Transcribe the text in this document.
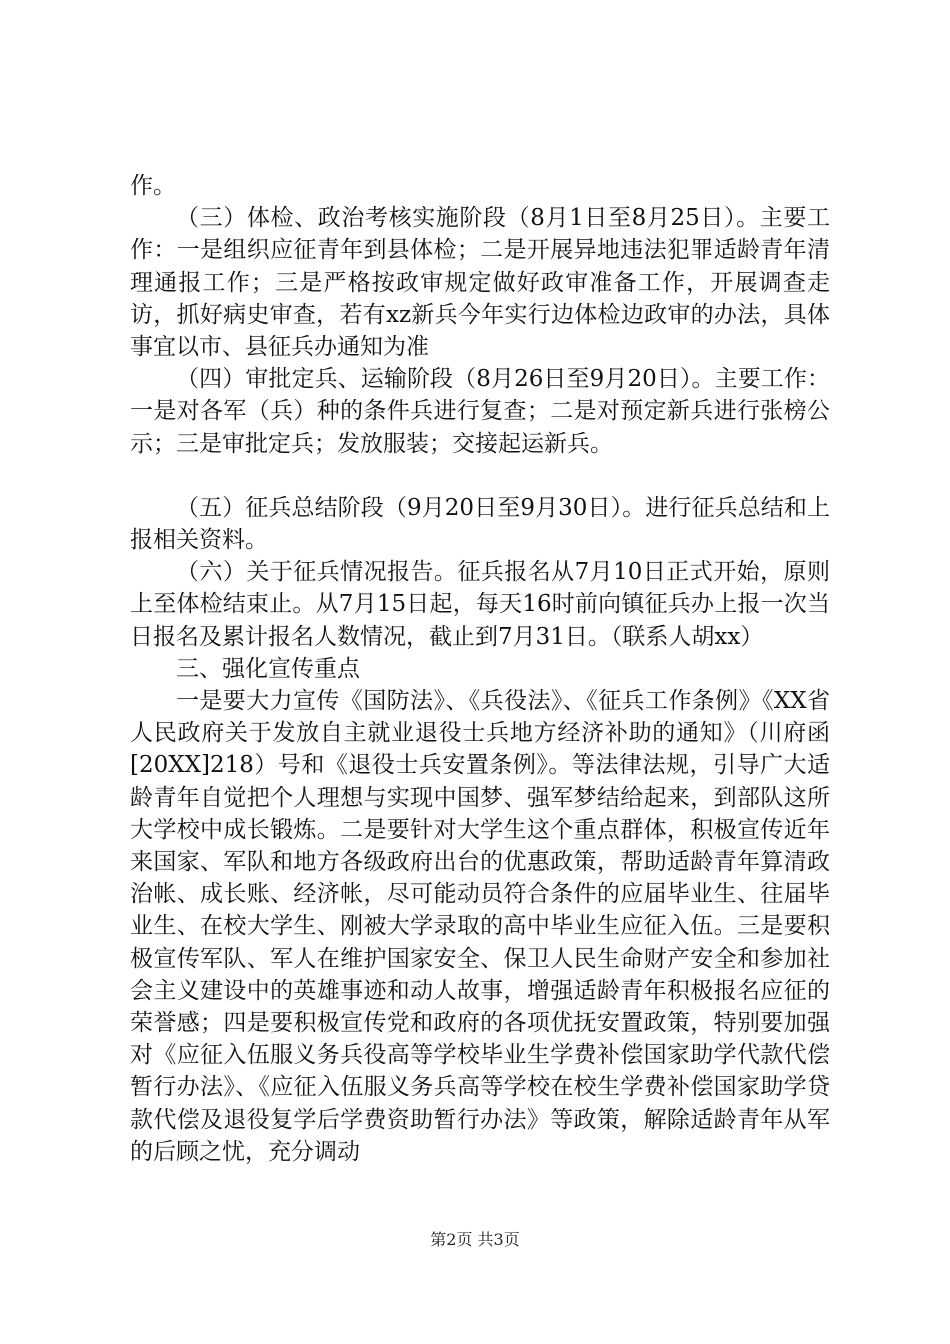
作。

（三）体检、政治考核实施阶段（8月1日至8月25日）。主要工作：一是组织应征青年到县体检；二是开展异地违法犯罪适龄青年清理通报工作；三是严格按政审规定做好政审准备工作，开展调查走访，抓好病史审查，若有xz新兵今年实行边体检边政审的办法，具体事宜以市、县征兵办通知为准

（四）审批定兵、运输阶段（8月26日至9月20日）。主要工作：一是对各军（兵）种的条件兵进行复查；二是对预定新兵进行张榜公示；三是审批定兵；发放服装；交接起运新兵。

（五）征兵总结阶段（9月20日至9月30日）。进行征兵总结和上报相关资料。

（六）关于征兵情况报告。征兵报名从7月10日正式开始，原则上至体检结束止。从7月15日起，每天16时前向镇征兵办上报一次当日报名及累计报名人数情况，截止到7月31日。（联系人胡xx）

三、强化宣传重点

一是要大力宣传《国防法》、《兵役法》、《征兵工作条例》《XX省人民政府关于发放自主就业退役士兵地方经济补助的通知》（川府函[20XX]218）号和《退役士兵安置条例》。等法律法规，引导广大适龄青年自觉把个人理想与实现中国梦、强军梦结给起来，到部队这所大学校中成长锻炼。二是要针对大学生这个重点群体，积极宣传近年来国家、军队和地方各级政府出台的优惠政策，帮助适龄青年算清政治帐、成长账、经济帐，尽可能动员符合条件的应届毕业生、往届毕业生、在校大学生、刚被大学录取的高中毕业生应征入伍。三是要积极宣传军队、军人在维护国家安全、保卫人民生命财产安全和参加社会主义建设中的英雄事迹和动人故事，增强适龄青年积极报名应征的荣誉感；四是要积极宣传党和政府的各项优抚安置政策，特别要加强对《应征入伍服义务兵役高等学校毕业生学费补偿国家助学代款代偿暂行办法》、《应征入伍服义务兵高等学校在校生学费补偿国家助学贷款代偿及退役复学后学费资助暂行办法》等政策，解除适龄青年从军的后顾之忧，充分调动

第2页 共3页
